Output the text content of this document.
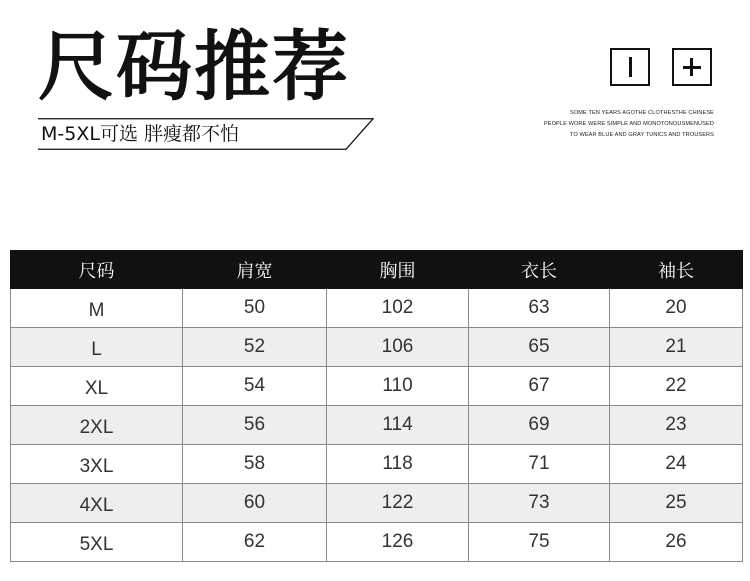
尺码推荐
M-5XL可选 胖瘦都不怕
SOME TEN YEARS AGOTHE CLOTHESTHE CHINESE
PEOPLE WORE WERE SIMPLE AND MONOTONOUSMENUSED
TO WEAR BLUE AND GRAY TUNICS AND TROUSERS
尺码	肩宽	胸围	衣长	袖长
M	50	102	63	20
L	52	106	65	21
XL	54	110	67	22
2XL	56	114	69	23
3XL	58	118	71	24
4XL	60	122	73	25
5XL	62	126	75	26
